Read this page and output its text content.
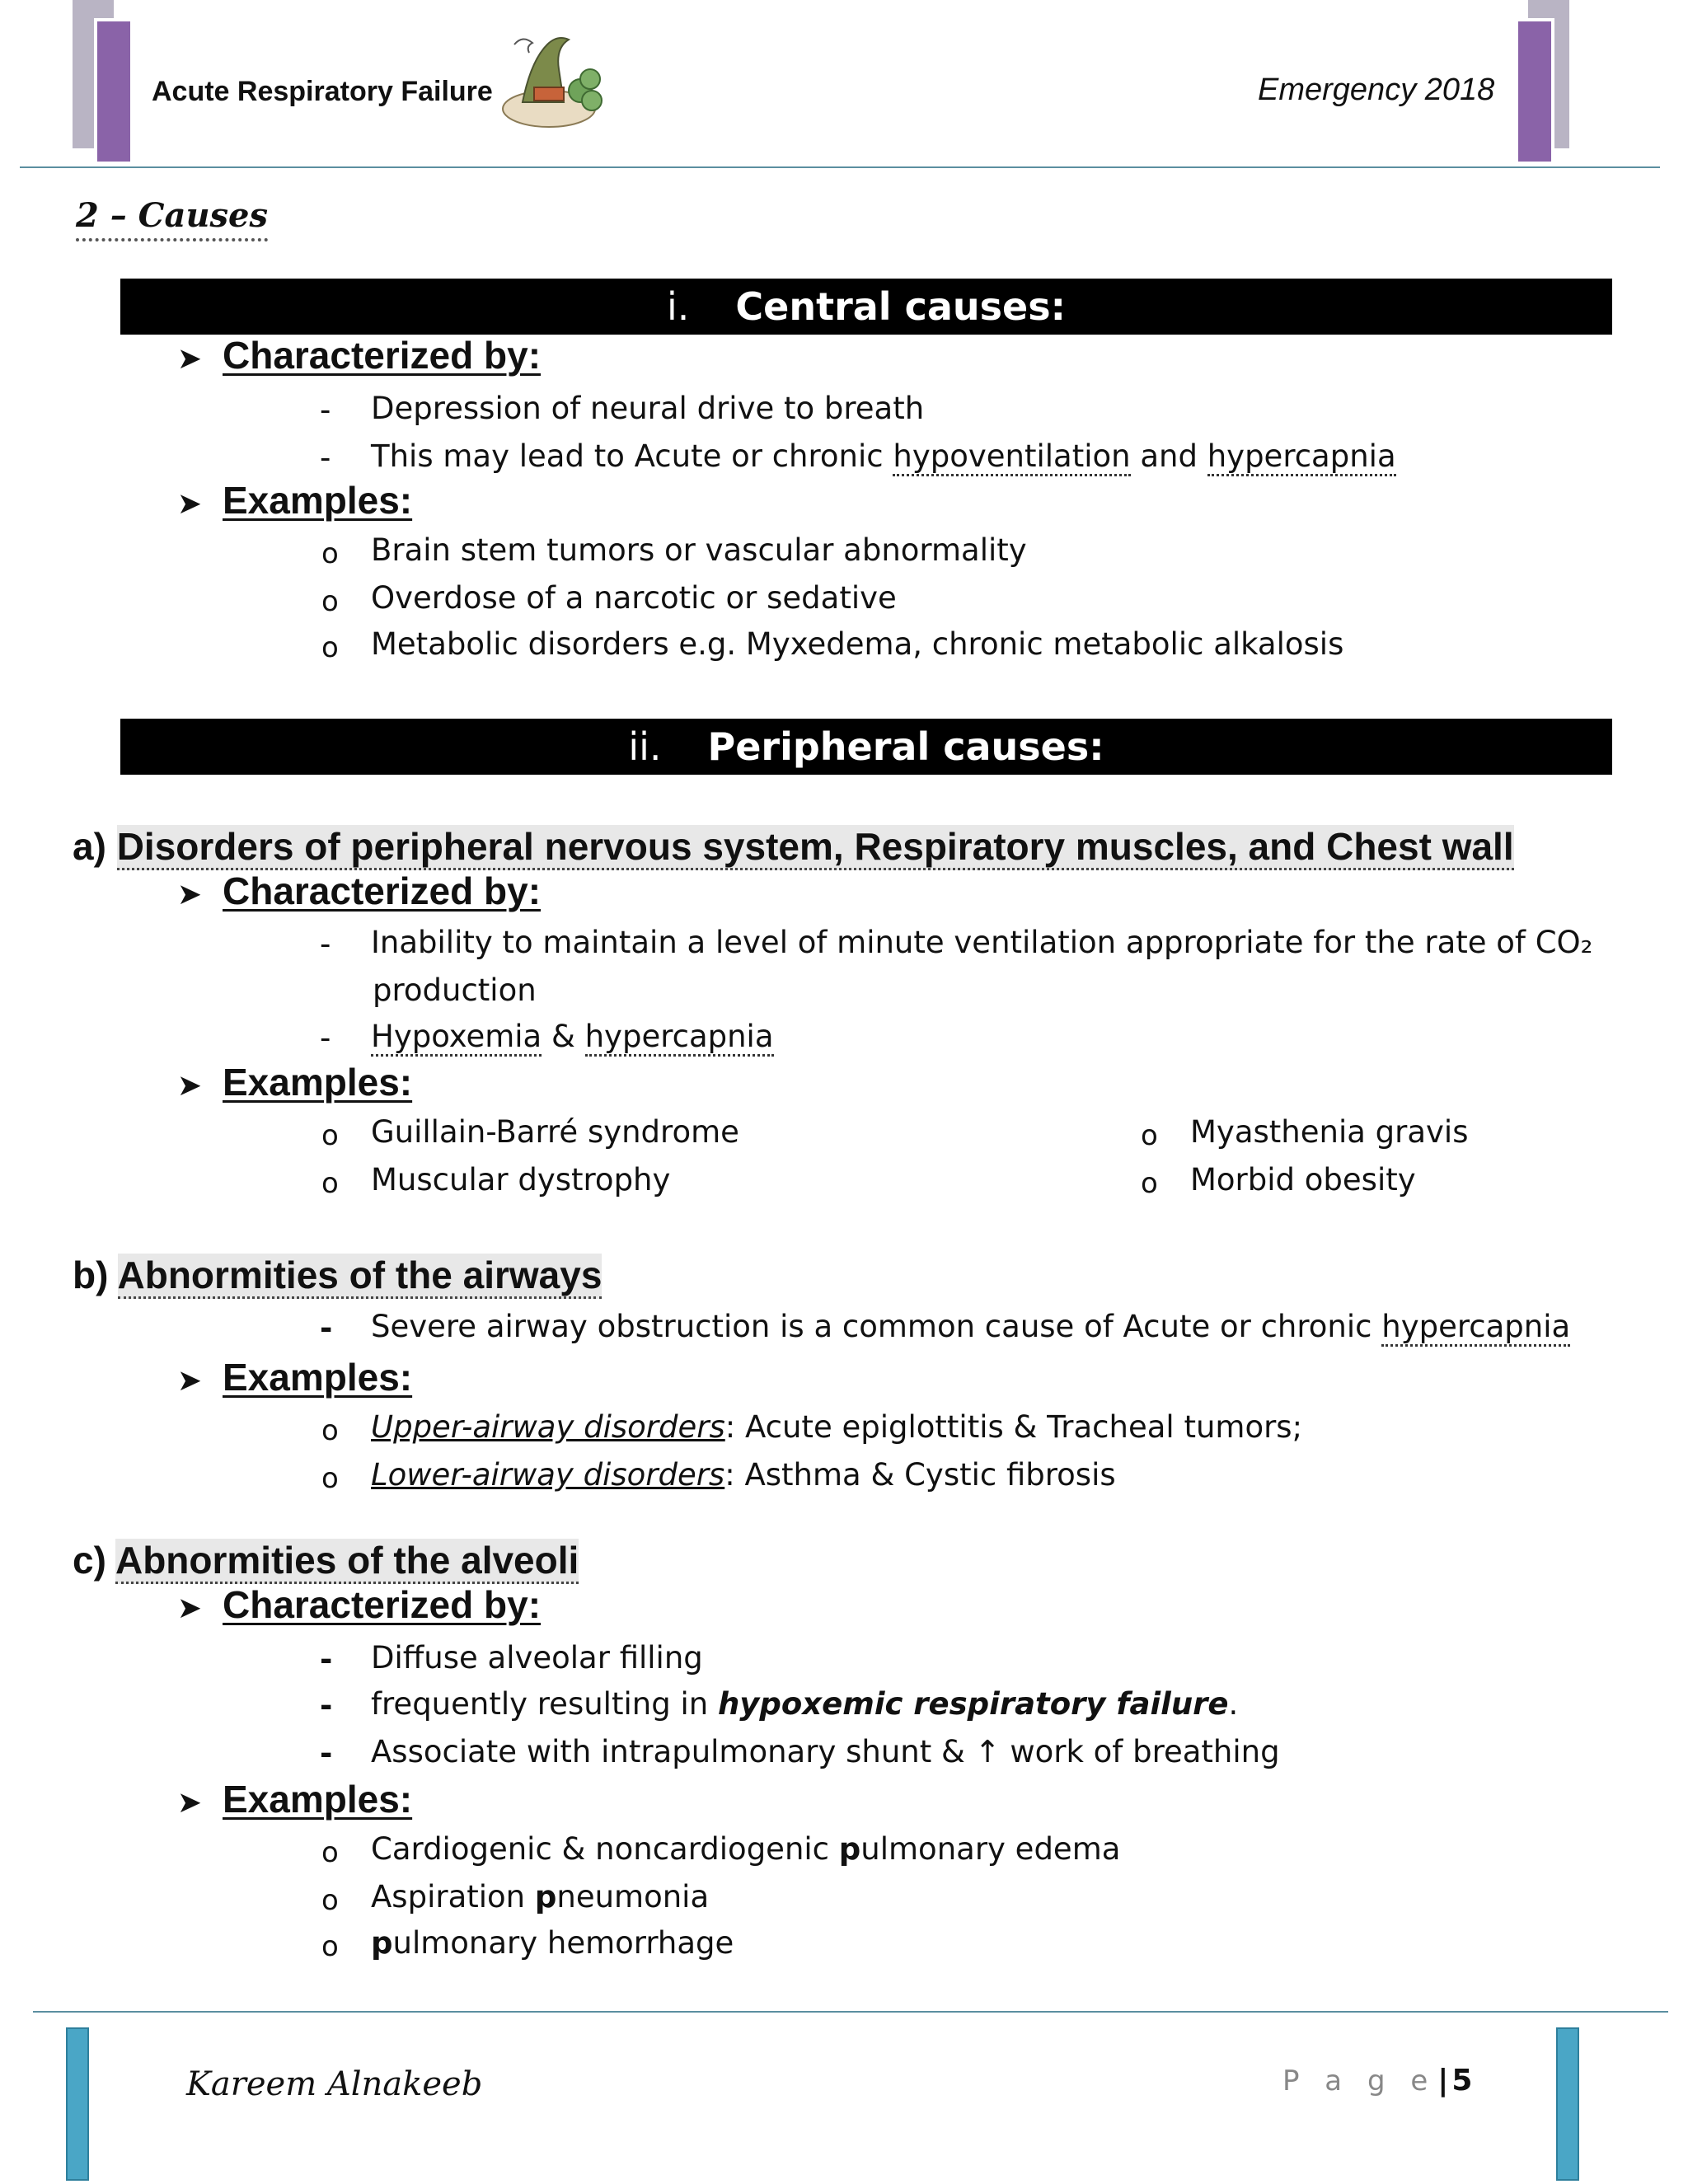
Acute Respiratory Failure	Emergency 2018
2 – Causes
i. Central causes:
➤ Characterized by:
- Depression of neural drive to breath
- This may lead to Acute or chronic hypoventilation and hypercapnia
➤ Examples:
o Brain stem tumors or vascular abnormality
o Overdose of a narcotic or sedative
o Metabolic disorders e.g. Myxedema, chronic metabolic alkalosis
ii. Peripheral causes:
a) Disorders of peripheral nervous system, Respiratory muscles, and Chest wall
➤ Characterized by:
- Inability to maintain a level of minute ventilation appropriate for the rate of CO₂
production
- Hypoxemia & hypercapnia
➤ Examples:
o Guillain-Barré syndrome	o Myasthenia gravis
o Muscular dystrophy	o Morbid obesity
b) Abnormities of the airways
- Severe airway obstruction is a common cause of Acute or chronic hypercapnia
➤ Examples:
o Upper-airway disorders: Acute epiglottitis & Tracheal tumors;
o Lower-airway disorders: Asthma & Cystic fibrosis
c) Abnormities of the alveoli
➤ Characterized by:
- Diffuse alveolar filling
- frequently resulting in hypoxemic respiratory failure.
- Associate with intrapulmonary shunt & ↑ work of breathing
➤ Examples:
o Cardiogenic & noncardiogenic pulmonary edema
o Aspiration pneumonia
o pulmonary hemorrhage
Kareem Alnakeeb	P a g e | 5
